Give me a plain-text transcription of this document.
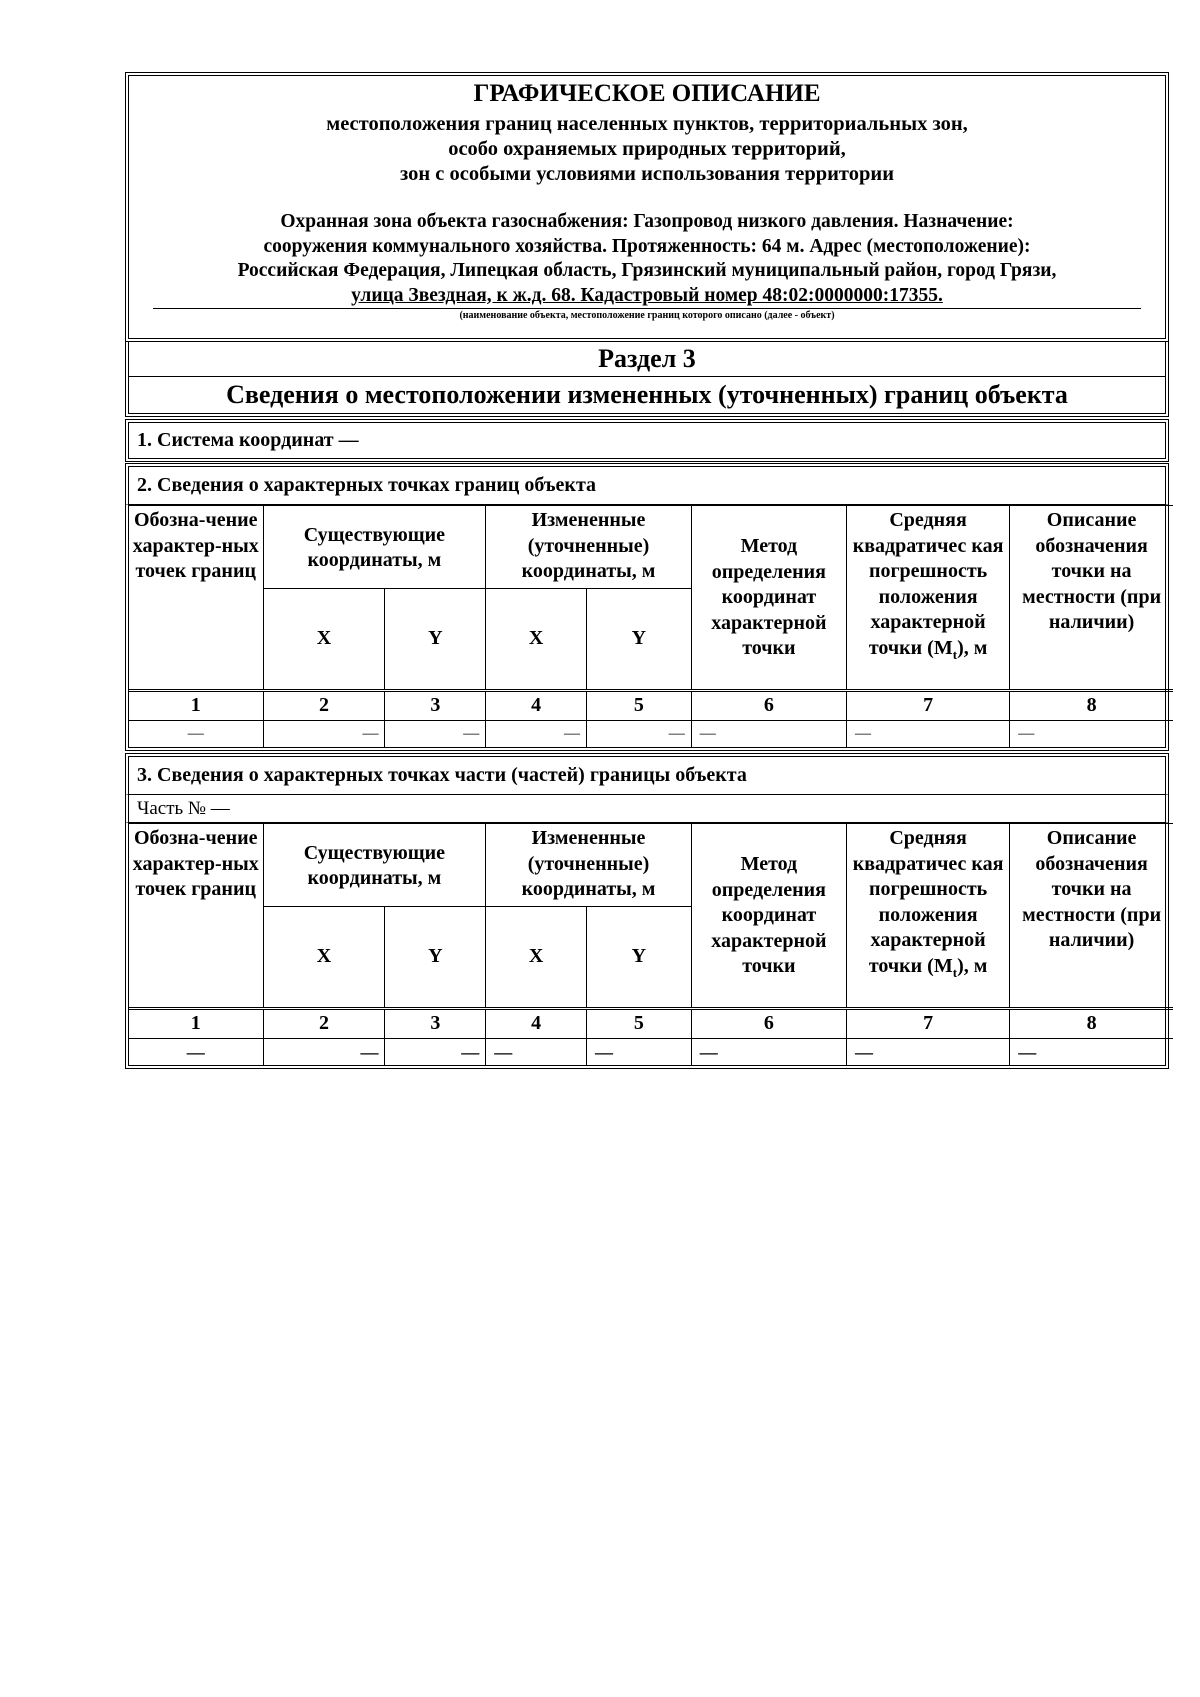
ГРАФИЧЕСКОЕ ОПИСАНИЕ
местоположения границ населенных пунктов, территориальных зон,
особо охраняемых природных территорий,
зон с особыми условиями использования территории
Охранная зона объекта газоснабжения: Газопровод низкого давления. Назначение:
сооружения коммунального хозяйства. Протяженность: 64 м. Адрес (местоположение):
Российская Федерация, Липецкая область, Грязинский муниципальный район, город Грязи,
улица Звездная, к ж.д. 68. Кадастровый номер 48:02:0000000:17355.
(наименование объекта, местоположение границ которого описано (далее - объект)
Раздел 3
Сведения о местоположении измененных (уточненных) границ объекта
1. Система координат —
2. Сведения о характерных точках границ объекта
Обозна-чение характер-ных точек границ	Существующие координаты, м		Измененные (уточненные) координаты, м		Метод определения координат характерной точки	Средняя квадратичес кая погрешность положения характерной точки $(M_t)$, м	Описание обозначения точки на местности (при наличии)
	X	Y	X	Y			
1	2	3	4	5	6	7	8
—	—	—	—	—	—	—	—
3. Сведения о характерных точках части (частей) границы объекта
Часть № —
Обозна-чение характер-ных точек границ	Существующие координаты, м		Измененные (уточненные) координаты, м		Метод определения координат характерной точки	Средняя квадратичес кая погрешность положения характерной точки $(M_t)$, м	Описание обозначения точки на местности (при наличии)
	X	Y	X	Y			
1	2	3	4	5	6	7	8
—	—	—	—	—	—	—	—
